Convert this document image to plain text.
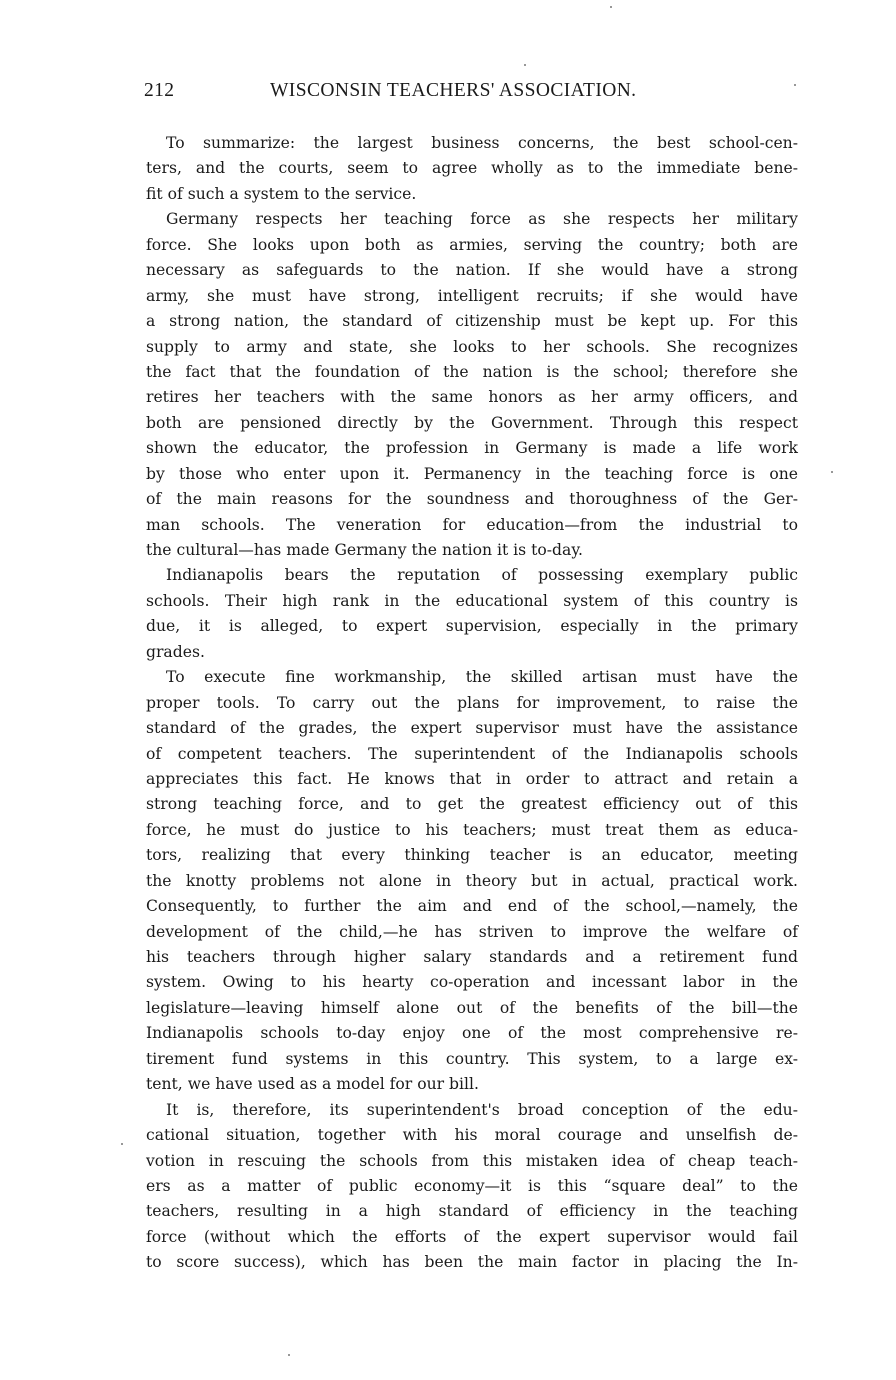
212	WISCONSIN TEACHERS' ASSOCIATION.
To summarize: the largest business concerns, the best school-cen-
ters, and the courts, seem to agree wholly as to the immediate bene-
fit of such a system to the service.
Germany respects her teaching force as she respects her military
force. She looks upon both as armies, serving the country; both are
necessary as safeguards to the nation. If she would have a strong
army, she must have strong, intelligent recruits; if she would have
a strong nation, the standard of citizenship must be kept up. For this
supply to army and state, she looks to her schools. She recognizes
the fact that the foundation of the nation is the school; therefore she
retires her teachers with the same honors as her army officers, and
both are pensioned directly by the Government. Through this respect
shown the educator, the profession in Germany is made a life work
by those who enter upon it. Permanency in the teaching force is one
of the main reasons for the soundness and thoroughness of the Ger-
man schools. The veneration for education—from the industrial to
the cultural—has made Germany the nation it is to-day.
Indianapolis bears the reputation of possessing exemplary public
schools. Their high rank in the educational system of this country is
due, it is alleged, to expert supervision, especially in the primary
grades.
To execute fine workmanship, the skilled artisan must have the
proper tools. To carry out the plans for improvement, to raise the
standard of the grades, the expert supervisor must have the assistance
of competent teachers. The superintendent of the Indianapolis schools
appreciates this fact. He knows that in order to attract and retain a
strong teaching force, and to get the greatest efficiency out of this
force, he must do justice to his teachers; must treat them as educa-
tors, realizing that every thinking teacher is an educator, meeting
the knotty problems not alone in theory but in actual, practical work.
Consequently, to further the aim and end of the school,—namely, the
development of the child,—he has striven to improve the welfare of
his teachers through higher salary standards and a retirement fund
system. Owing to his hearty co-operation and incessant labor in the
legislature—leaving himself alone out of the benefits of the bill—the
Indianapolis schools to-day enjoy one of the most comprehensive re-
tirement fund systems in this country. This system, to a large ex-
tent, we have used as a model for our bill.
It is, therefore, its superintendent's broad conception of the edu-
cational situation, together with his moral courage and unselfish de-
votion in rescuing the schools from this mistaken idea of cheap teach-
ers as a matter of public economy—it is this “square deal” to the
teachers, resulting in a high standard of efficiency in the teaching
force (without which the efforts of the expert supervisor would fail
to score success), which has been the main factor in placing the In-
